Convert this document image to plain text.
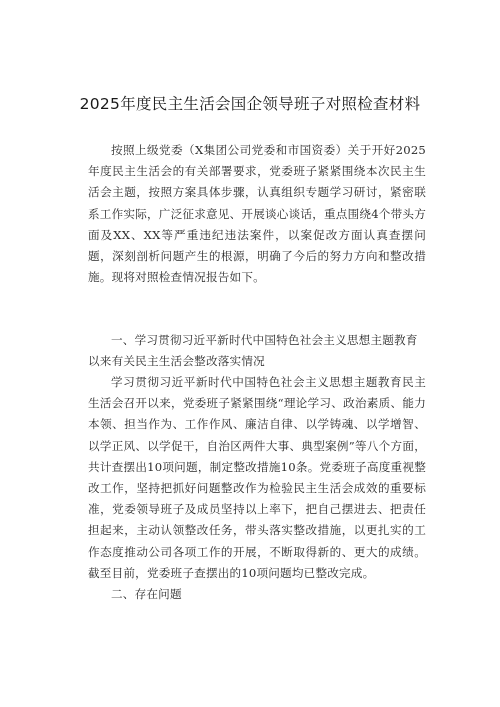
2025年度民主生活会国企领导班子对照检查材料
按照上级党委（X集团公司党委和市国资委）关于开好2025年度民主生活会的有关部署要求，党委班子紧紧围绕本次民主生活会主题，按照方案具体步骤，认真组织专题学习研讨，紧密联系工作实际，广泛征求意见、开展谈心谈话，重点围绕4个带头方面及XX、XX等严重违纪违法案件，以案促改方面认真查摆问题，深刻剖析问题产生的根源，明确了今后的努力方向和整改措施。现将对照检查情况报告如下。
一、学习贯彻习近平新时代中国特色社会主义思想主题教育以来有关民主生活会整改落实情况
学习贯彻习近平新时代中国特色社会主义思想主题教育民主生活会召开以来，党委班子紧紧围绕“理论学习、政治素质、能力本领、担当作为、工作作风、廉洁自律、以学铸魂、以学增智、以学正风、以学促干，自治区两件大事、典型案例”等八个方面，共计查摆出10项问题，制定整改措施10条。党委班子高度重视整改工作，坚持把抓好问题整改作为检验民主生活会成效的重要标准，党委领导班子及成员坚持以上率下，把自己摆进去、把责任担起来，主动认领整改任务，带头落实整改措施，以更扎实的工作态度推动公司各项工作的开展，不断取得新的、更大的成绩。截至目前，党委班子查摆出的10项问题均已整改完成。
二、存在问题
